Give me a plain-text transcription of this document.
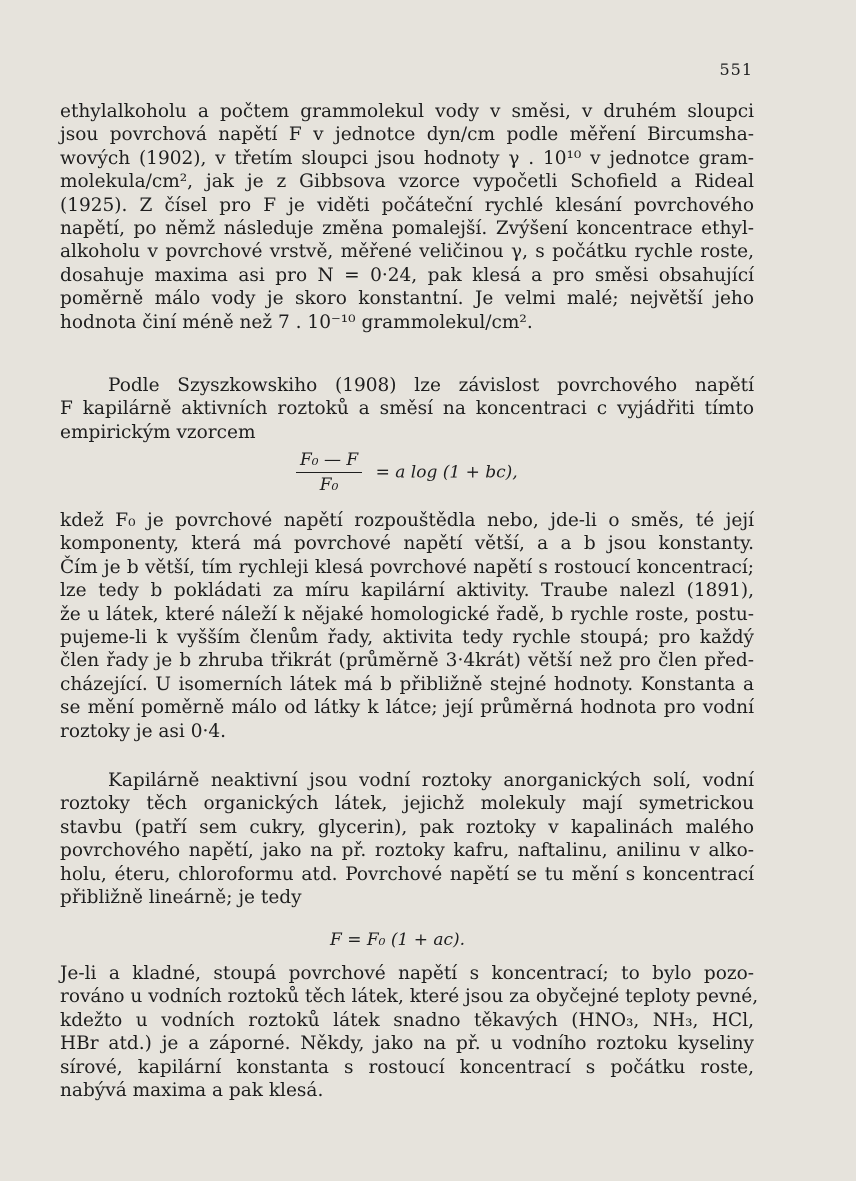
551
ethylalkoholu a počtem grammolekul vody v směsi, v druhém sloupci
jsou povrchová napětí F v jednotce dyn/cm podle měření Bircumsha-
wových (1902), v třetím sloupci jsou hodnoty γ . 10¹⁰ v jednotce gram-
molekula/cm², jak je z Gibbsova vzorce vypočetli Schofield a Rideal
(1925). Z čísel pro F je viděti počáteční rychlé klesání povrchového
napětí, po němž následuje změna pomalejší. Zvýšení koncentrace ethyl-
alkoholu v povrchové vrstvě, měřené veličinou γ, s počátku rychle roste,
dosahuje maxima asi pro N = 0·24, pak klesá a pro směsi obsahující
poměrně málo vody je skoro konstantní. Je velmi malé; největší jeho
hodnota činí méně než 7 . 10⁻¹⁰ grammolekul/cm².
Podle Szyszkowskiho (1908) lze závislost povrchového napětí
F kapilárně aktivních roztoků a směsí na koncentraci c vyjádřiti tímto
empirickým vzorcem
$\frac{\text{F₀ — F}}{\text{F₀}} = a$ log (1 + bc),
kdež F₀ je povrchové napětí rozpouštědla nebo, jde-li o směs, té její
komponenty, která má povrchové napětí větší, a a b jsou konstanty.
Čím je b větší, tím rychleji klesá povrchové napětí s rostoucí koncentrací;
lze tedy b pokládati za míru kapilární aktivity. Traube nalezl (1891),
že u látek, které náleží k nějaké homologické řadě, b rychle roste, postu-
pujeme-li k vyšším členům řady, aktivita tedy rychle stoupá; pro každý
člen řady je b zhruba třikrát (průměrně 3·4krát) větší než pro člen před-
cházející. U isomerních látek má b přibližně stejné hodnoty. Konstanta a
se mění poměrně málo od látky k látce; její průměrná hodnota pro vodní
roztoky je asi 0·4.
Kapilárně neaktivní jsou vodní roztoky anorganických solí, vodní
roztoky těch organických látek, jejichž molekuly mají symetrickou
stavbu (patří sem cukry, glycerin), pak roztoky v kapalinách malého
povrchového napětí, jako na př. roztoky kafru, naftalinu, anilinu v alko-
holu, éteru, chloroformu atd. Povrchové napětí se tu mění s koncentrací
přibližně lineárně; je tedy
F = F₀ (1 + ac).
Je-li a kladné, stoupá povrchové napětí s koncentrací; to bylo pozo-
rováno u vodních roztoků těch látek, které jsou za obyčejné teploty pevné,
kdežto u vodních roztoků látek snadno těkavých (HNO₃, NH₃, HCl,
HBr atd.) je a záporné. Někdy, jako na př. u vodního roztoku kyseliny
sírové, kapilární konstanta s rostoucí koncentrací s počátku roste,
nabývá maxima a pak klesá.
